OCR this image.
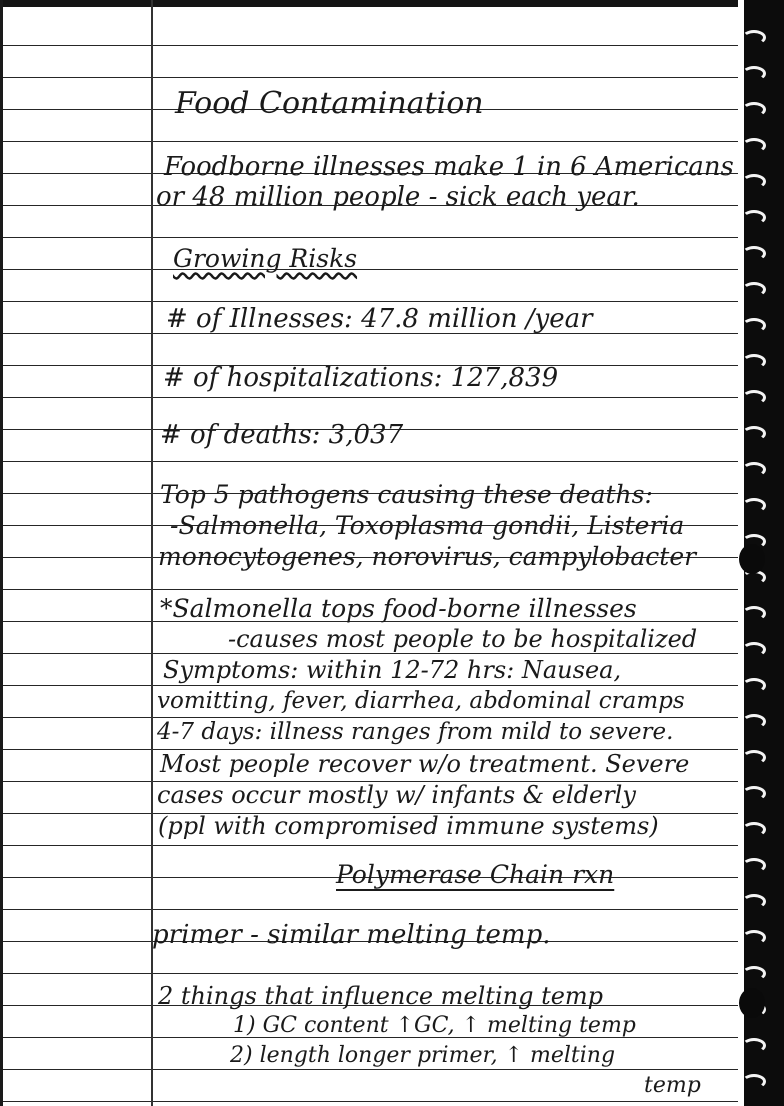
Food Contamination

Foodborne illnesses make 1 in 6 Americans

or 48 million people - sick each year.

Growing Risks

# of Illnesses: 47.8 million /year

# of hospitalizations: 127,839

# of deaths: 3,037

Top 5 pathogens causing these deaths:

-Salmonella, Toxoplasma gondii, Listeria

monocytogenes, norovirus, campylobacter

*Salmonella tops food-borne illnesses

-causes most people to be hospitalized

Symptoms: within 12-72 hrs: Nausea,

vomitting, fever, diarrhea, abdominal cramps

4-7 days: illness ranges from mild to severe.

Most people recover w/o treatment. Severe

cases occur mostly w/ infants & elderly

(ppl with compromised immune systems)

Polymerase Chain rxn

primer - similar melting temp.

2 things that influence melting temp

1) GC content ↑GC, ↑ melting temp

2) length longer primer, ↑ melting

temp
